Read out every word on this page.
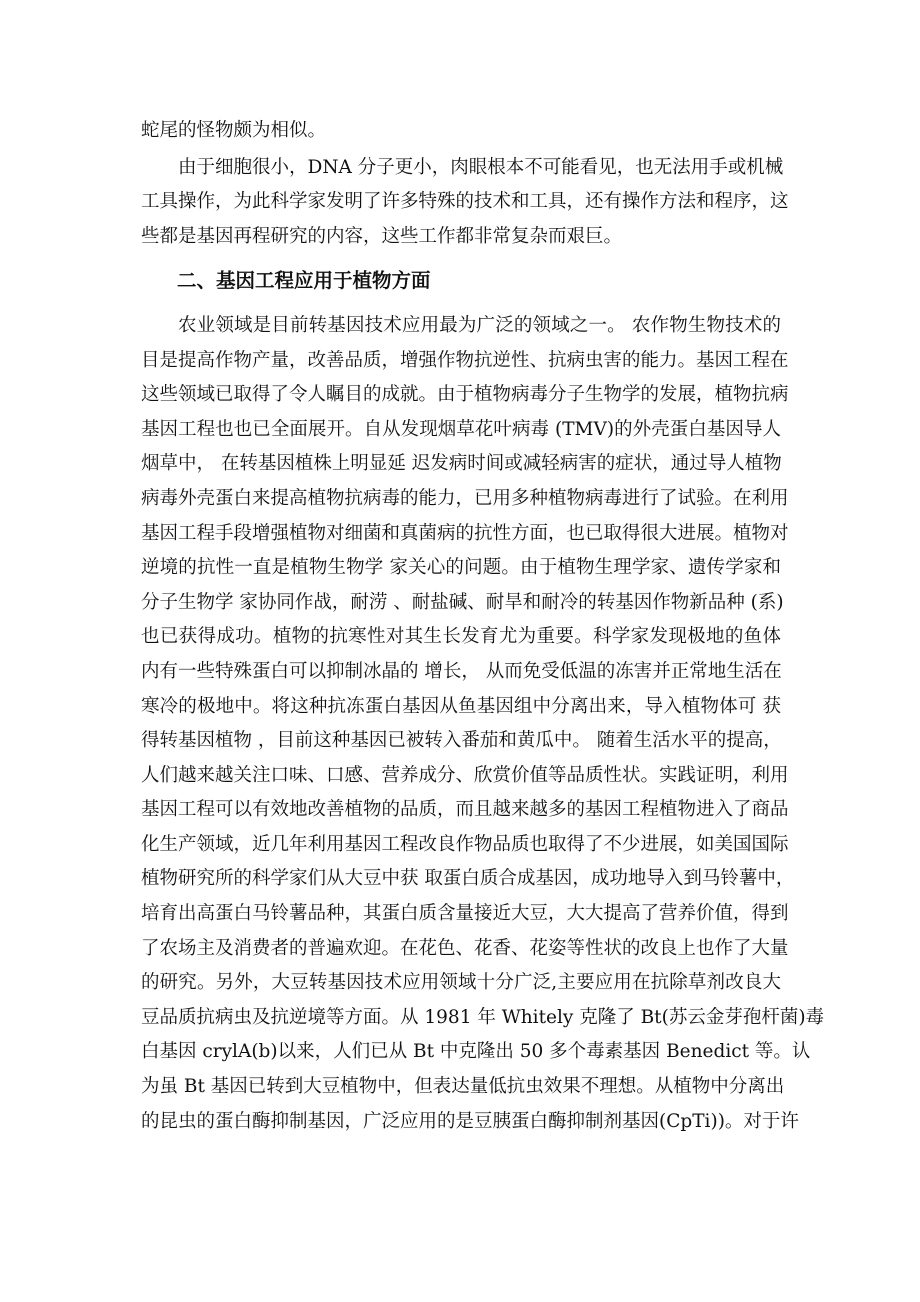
蛇尾的怪物颇为相似。
由于细胞很小，DNA 分子更小，肉眼根本不可能看见，也无法用手或机械
工具操作，为此科学家发明了许多特殊的技术和工具，还有操作方法和程序，这
些都是基因再程研究的内容，这些工作都非常复杂而艰巨。
二、基因工程应用于植物方面
农业领域是目前转基因技术应用最为广泛的领域之一。 农作物生物技术的
目是提高作物产量，改善品质，增强作物抗逆性、抗病虫害的能力。基因工程在
这些领域已取得了令人瞩目的成就。由于植物病毒分子生物学的发展，植物抗病
基因工程也也已全面展开。自从发现烟草花叶病毒 (TMV)的外壳蛋白基因导人
烟草中， 在转基因植株上明显延 迟发病时间或减轻病害的症状，通过导人植物
病毒外壳蛋白来提高植物抗病毒的能力，已用多种植物病毒进行了试验。在利用
基因工程手段增强植物对细菌和真菌病的抗性方面，也已取得很大进展。植物对
逆境的抗性一直是植物生物学 家关心的问题。由于植物生理学家、遗传学家和
分子生物学 家协同作战，耐涝 、耐盐碱、耐旱和耐冷的转基因作物新品种 (系)
也已获得成功。植物的抗寒性对其生长发育尤为重要。科学家发现极地的鱼体
内有一些特殊蛋白可以抑制冰晶的 增长， 从而免受低温的冻害并正常地生活在
寒冷的极地中。将这种抗冻蛋白基因从鱼基因组中分离出来，导入植物体可 获
得转基因植物 ，目前这种基因已被转入番茄和黄瓜中。 随着生活水平的提高，
人们越来越关注口味、口感、营养成分、欣赏价值等品质性状。实践证明，利用
基因工程可以有效地改善植物的品质，而且越来越多的基因工程植物进入了商品
化生产领域，近几年利用基因工程改良作物品质也取得了不少进展，如美国国际
植物研究所的科学家们从大豆中获 取蛋白质合成基因，成功地导入到马铃薯中，
培育出高蛋白马铃薯品种，其蛋白质含量接近大豆，大大提高了营养价值，得到
了农场主及消费者的普遍欢迎。在花色、花香、花姿等性状的改良上也作了大量
的研究。另外，大豆转基因技术应用领域十分广泛,主要应用在抗除草剂改良大
豆品质抗病虫及抗逆境等方面。从 1981 年 Whitely 克隆了 Bt(苏云金芽孢杆菌)毒
白基因 crylA(b)以来，人们已从 Bt 中克隆出 50 多个毒素基因 Benedict 等。认
为虽 Bt 基因已转到大豆植物中，但表达量低抗虫效果不理想。从植物中分离出
的昆虫的蛋白酶抑制基因，广泛应用的是豆胰蛋白酶抑制剂基因(CpTi))。对于许
